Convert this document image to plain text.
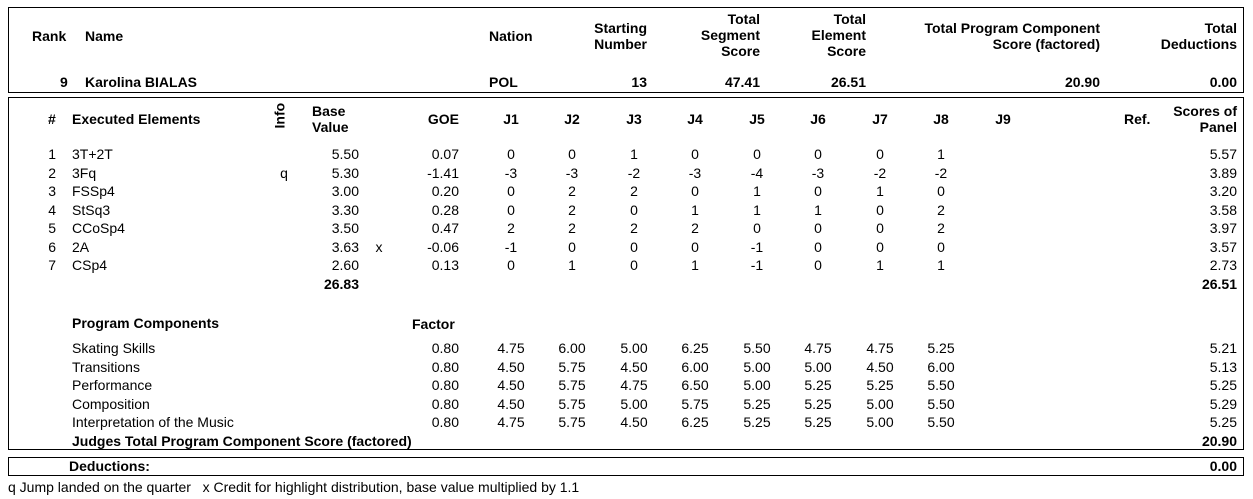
Rank Name	Nation	Starting
Number
Total
Segment
Score
Total
Element
Score
Total Program Component
Score (factored)
Total
Deductions
9 Karolina BIALAS	POL	13	47.41	26.51	20.90	0.00
# Executed Elements	Info Base
Value	GOE	J1	J2	J3	J4	J5	J6	J7	J8	J9	Ref.	Scores of
Panel
1 3T+2T	5.50	0.07	0	0	1	0	0	0	0	1	5.57
2 3Fq	q	5.30	-1.41	-3	-3	-2	-3	-4	-3	-2	-2	3.89
3 FSSp4	3.00	0.20	0	2	2	0	1	0	1	0	3.20
4 StSq3	3.30	0.28	0	2	0	1	1	1	0	2	3.58
5 CCoSp4	3.50	0.47	2	2	2	2	0	0	0	2	3.97
6 2A	3.63	x	-0.06	-1	0	0	0	-1	0	0	0	3.57
7 CSp4	2.60	0.13	0	1	0	1	-1	0	1	1	2.73
26.83	26.51
Program Components	Factor
Skating Skills	0.80	4.75	6.00	5.00	6.25	5.50	4.75	4.75	5.25	5.21
Transitions	0.80	4.50	5.75	4.50	6.00	5.00	5.00	4.50	6.00	5.13
Performance	0.80	4.50	5.75	4.75	6.50	5.00	5.25	5.25	5.50	5.25
Composition	0.80	4.50	5.75	5.00	5.75	5.25	5.25	5.00	5.50	5.29
Interpretation of the Music	0.80	4.75	5.75	4.50	6.25	5.25	5.25	5.00	5.50	5.25
Judges Total Program Component Score (factored)	20.90
Deductions:	0.00
q Jump landed on the quarter   x Credit for highlight distribution, base value multiplied by 1.1
